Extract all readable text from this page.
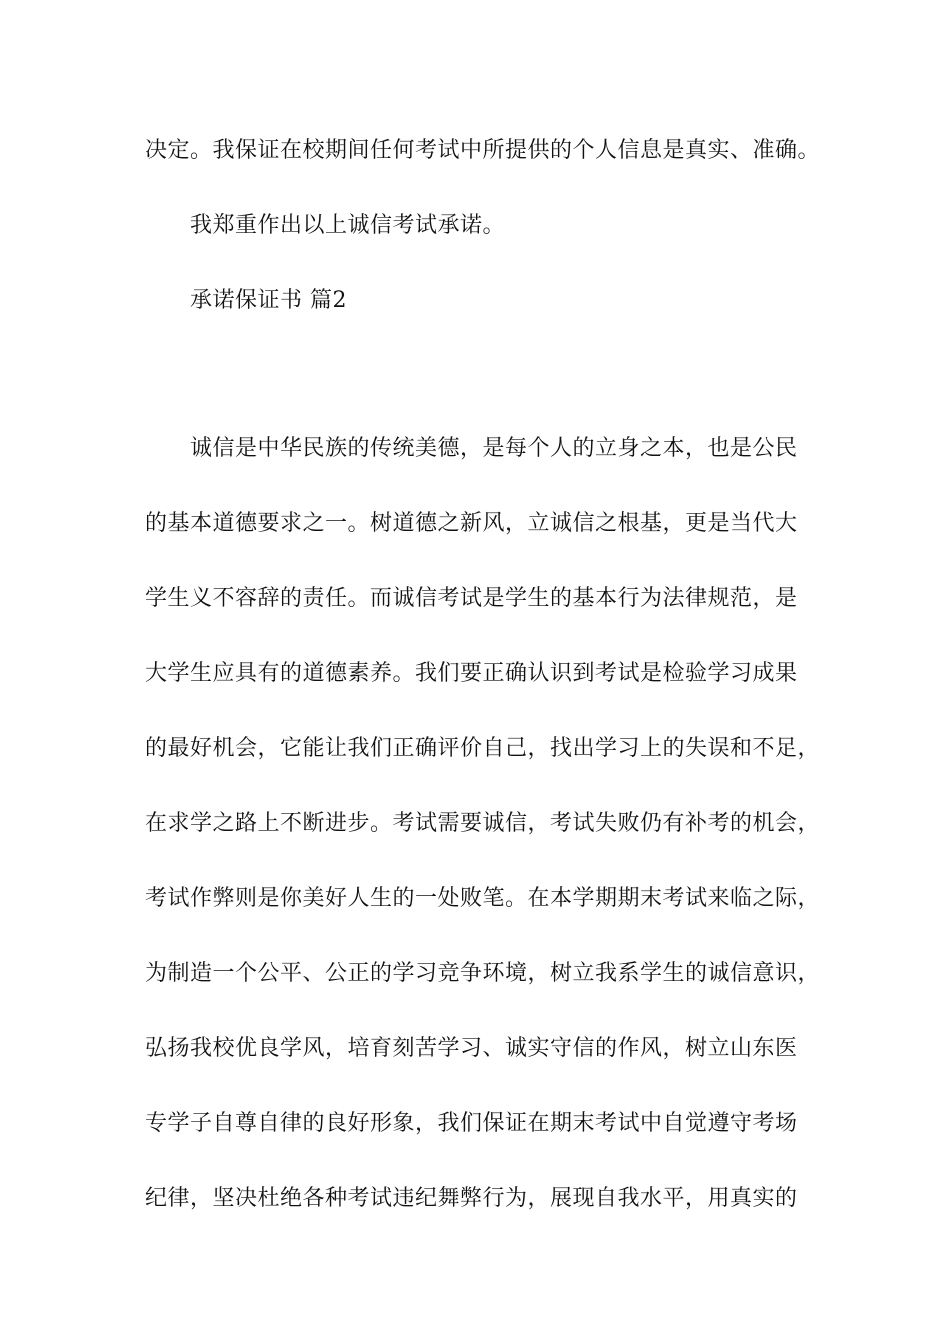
决定。我保证在校期间任何考试中所提供的个人信息是真实、准确。
我郑重作出以上诚信考试承诺。
承诺保证书 篇2
诚信是中华民族的传统美德，是每个人的立身之本，也是公民
的基本道德要求之一。树道德之新风，立诚信之根基，更是当代大
学生义不容辞的责任。而诚信考试是学生的基本行为法律规范，是
大学生应具有的道德素养。我们要正确认识到考试是检验学习成果
的最好机会，它能让我们正确评价自己，找出学习上的失误和不足，
在求学之路上不断进步。考试需要诚信，考试失败仍有补考的机会，
考试作弊则是你美好人生的一处败笔。在本学期期末考试来临之际，
为制造一个公平、公正的学习竞争环境，树立我系学生的诚信意识，
弘扬我校优良学风，培育刻苦学习、诚实守信的作风，树立山东医
专学子自尊自律的良好形象，我们保证在期末考试中自觉遵守考场
纪律，坚决杜绝各种考试违纪舞弊行为，展现自我水平，用真实的
